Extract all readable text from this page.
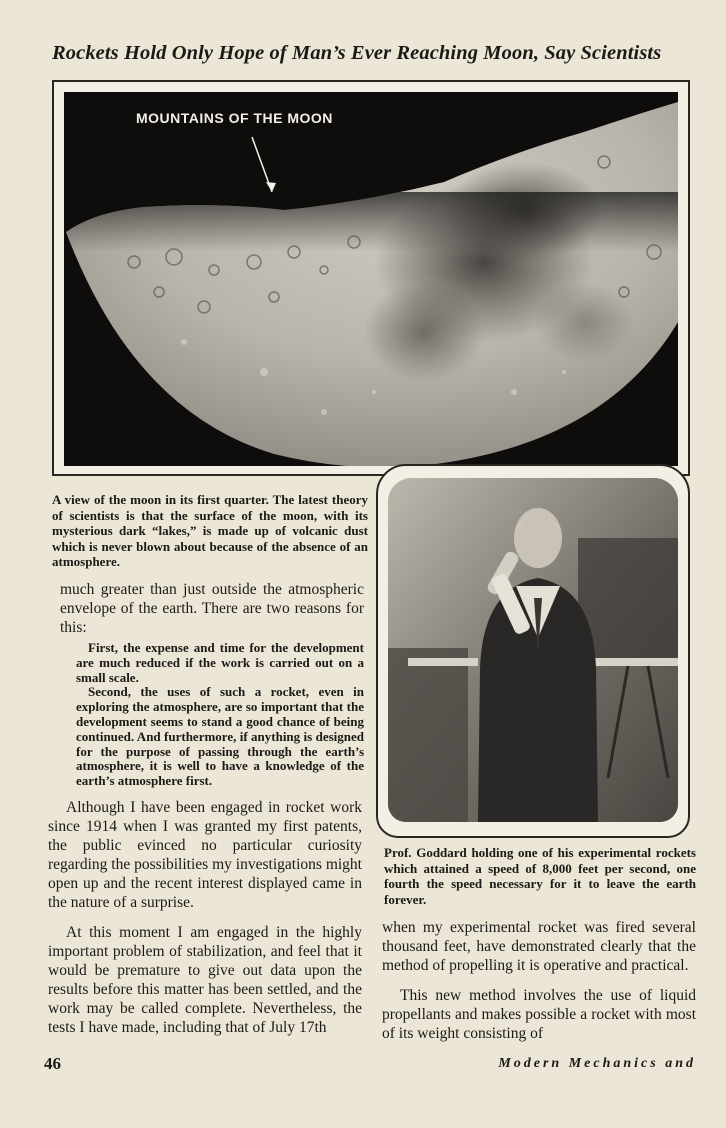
Rockets Hold Only Hope of Man’s Ever Reaching Moon, Say Scientists
MOUNTAINS OF THE MOON
A view of the moon in its first quarter. The latest theory of scientists is that the surface of the moon, with its mysterious dark “lakes,” is made up of volcanic dust which is never blown about because of the absence of an atmosphere.
Prof. Goddard holding one of his experimental rockets which attained a speed of 8,000 feet per second, one fourth the speed necessary for it to leave the earth forever.

much greater than just outside the atmospheric envelope of the earth. There are two reasons for this:

First, the expense and time for the development are much reduced if the work is carried out on a small scale.

Second, the uses of such a rocket, even in exploring the atmosphere, are so important that the development seems to stand a good chance of being continued. And furthermore, if anything is designed for the purpose of passing through the earth’s atmosphere, it is well to have a knowledge of the earth’s atmosphere first.

Although I have been engaged in rocket work since 1914 when I was granted my first patents, the public evinced no particular curiosity regarding the possibilities my investigations might open up and the recent interest displayed came in the nature of a surprise.

At this moment I am engaged in the highly important problem of stabilization, and feel that it would be premature to give out data upon the results before this matter has been settled, and the work may be called complete. Nevertheless, the tests I have made, including that of July 17th

when my experimental rocket was fired several thousand feet, have demonstrated clearly that the method of propelling it is operative and practical.

This new method involves the use of liquid propellants and makes possible a rocket with most of its weight consisting of

46	Modern Mechanics and
